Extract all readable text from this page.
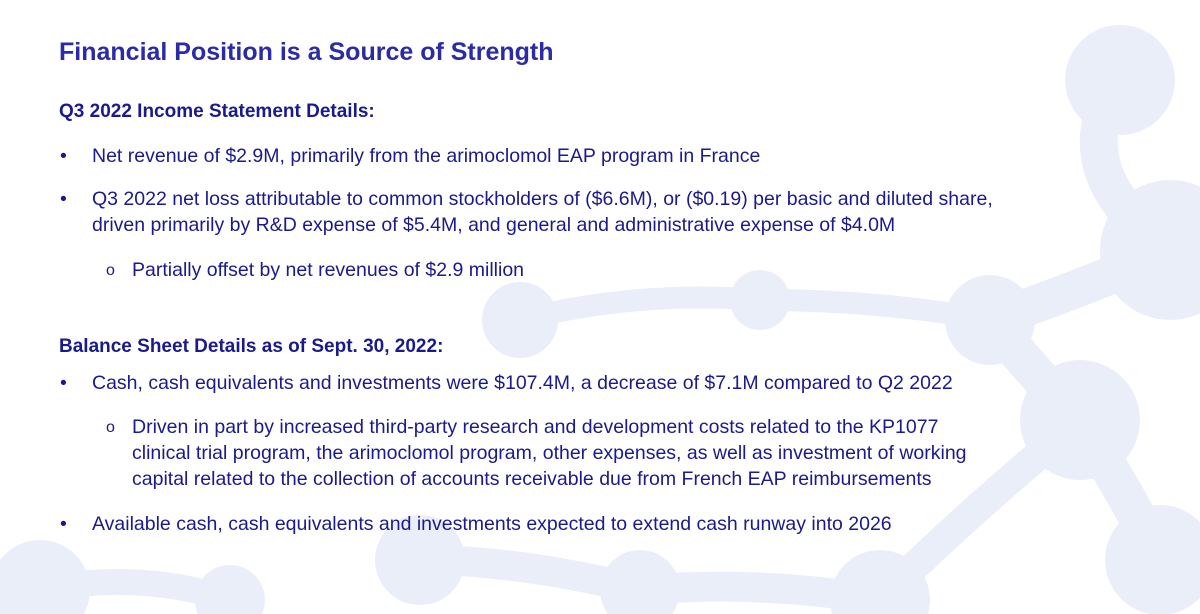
Financial Position is a Source of Strength
Q3 2022 Income Statement Details:
• Net revenue of $2.9M, primarily from the arimoclomol EAP program in France
• Q3 2022 net loss attributable to common stockholders of ($6.6M), or ($0.19) per basic and diluted share,
driven primarily by R&D expense of $5.4M, and general and administrative expense of $4.0M
o Partially offset by net revenues of $2.9 million
Balance Sheet Details as of Sept. 30, 2022:
• Cash, cash equivalents and investments were $107.4M, a decrease of $7.1M compared to Q2 2022
o Driven in part by increased third-party research and development costs related to the KP1077
clinical trial program, the arimoclomol program, other expenses, as well as investment of working
capital related to the collection of accounts receivable due from French EAP reimbursements
• Available cash, cash equivalents and investments expected to extend cash runway into 2026
